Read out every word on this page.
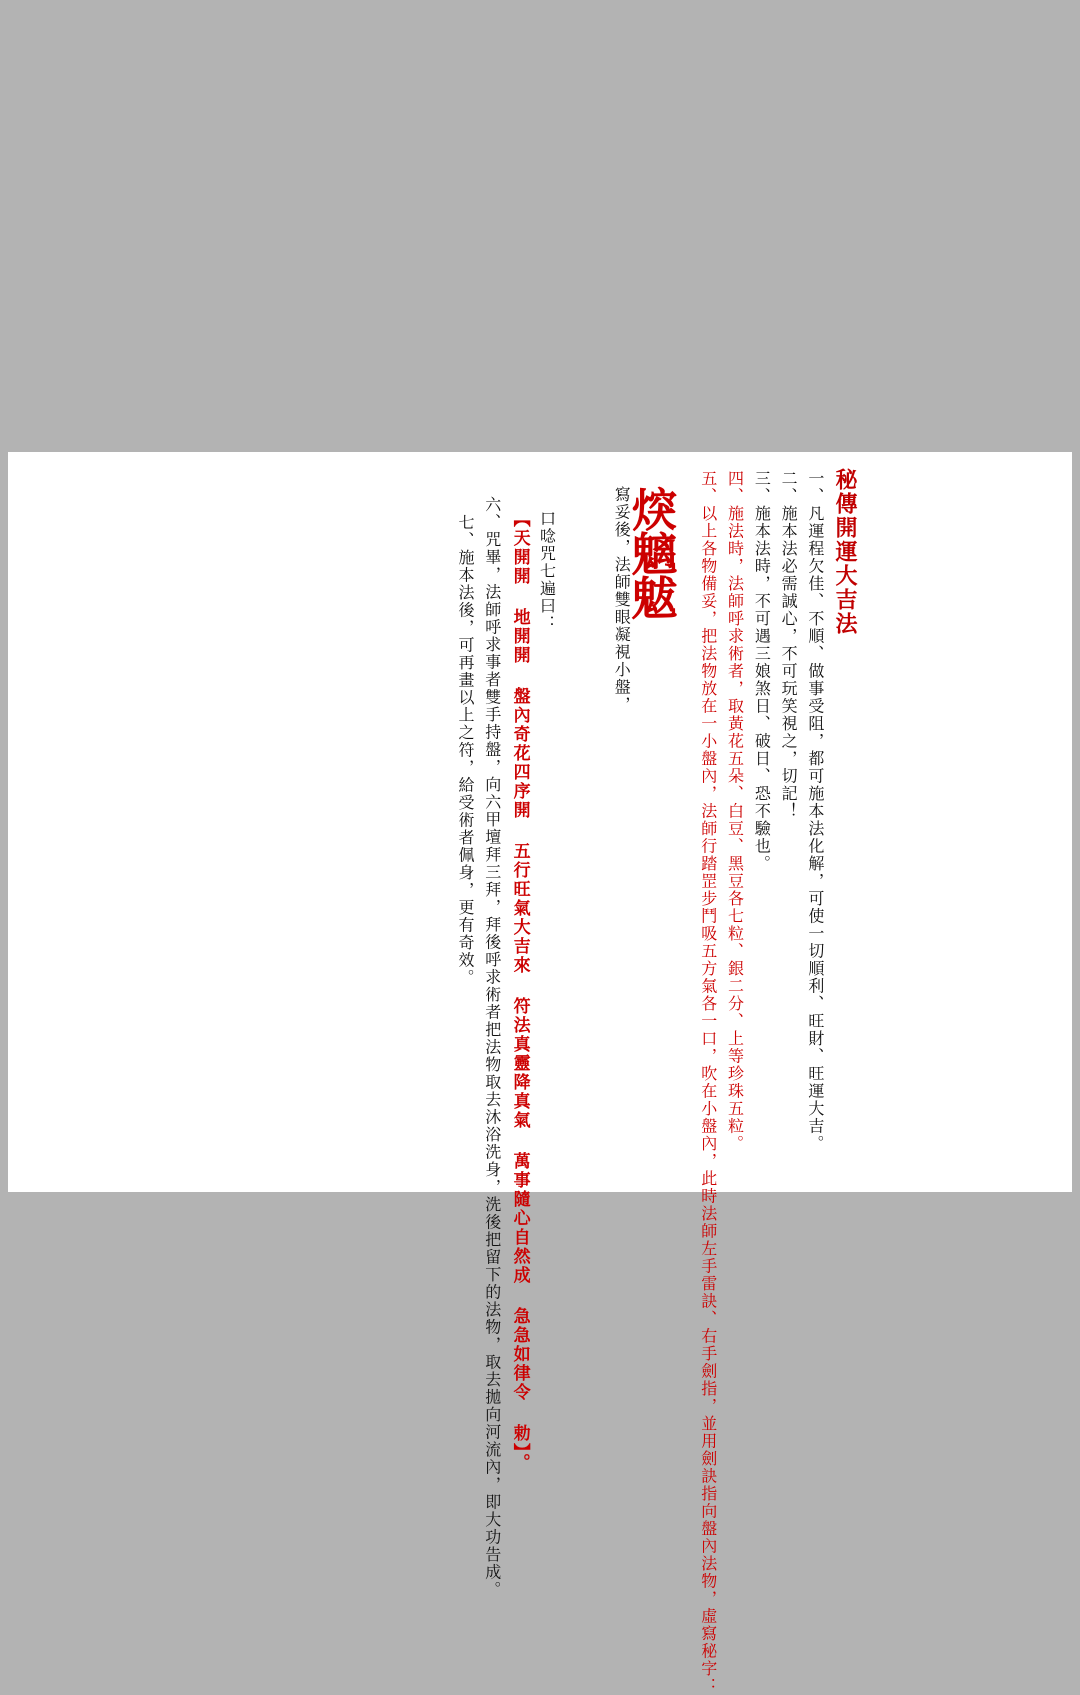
秘傳開運大吉法
一、凡運程欠佳、不順、做事受阻，都可施本法化解，可使一切順利、旺財、旺運大吉。
二、施本法必需誠心，不可玩笑視之，切記！
三、施本法時，不可遇三娘煞日、破日、恐不驗也。
四、施法時，法師呼求術者，取黃花五朵、白豆、黑豆各七粒、銀二分、上等珍珠五粒。
五、以上各物備妥，把法物放在一小盤內，法師行踏罡步鬥吸五方氣各一口，吹在小盤內，此時法師左手雷訣、右手劍指，並用劍訣指向盤內法物，虛寫秘字：
㷝魑魃
寫妥後，法師雙眼凝視小盤，
口唸咒七遍曰：
【天開開 地開開 盤內奇花四序開 五行旺氣大吉來 符法真靈降真氣 萬事隨心自然成 急急如律令 勅】。
六、咒畢，法師呼求事者雙手持盤，向六甲壇拜三拜，拜後呼求術者把法物取去沐浴洗身，洗後把留下的法物，取去拋向河流內，即大功告成。
七、施本法後，可再畫以上之符，給受術者佩身，更有奇效。
